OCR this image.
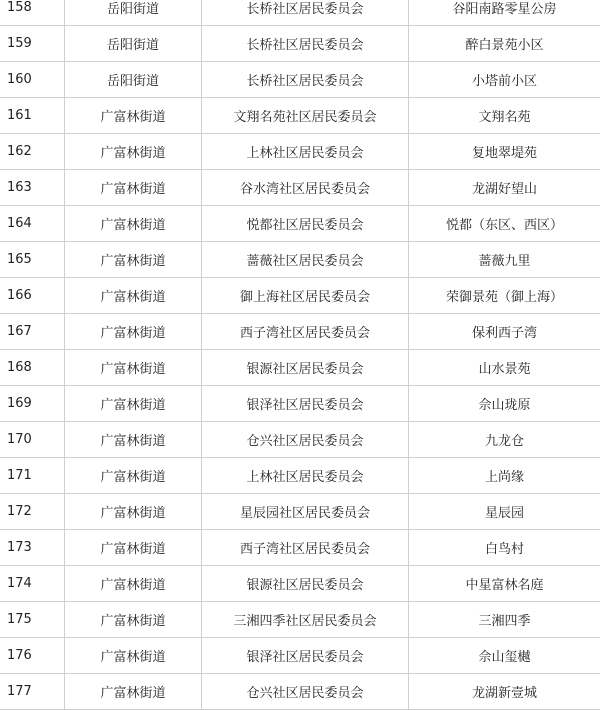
158	岳阳街道	长桥社区居民委员会	谷阳南路零星公房
159	岳阳街道	长桥社区居民委员会	醉白景苑小区
160	岳阳街道	长桥社区居民委员会	小塔前小区
161	广富林街道	文翔名苑社区居民委员会	文翔名苑
162	广富林街道	上林社区居民委员会	复地翠堤苑
163	广富林街道	谷水湾社区居民委员会	龙湖好望山
164	广富林街道	悦都社区居民委员会	悦都（东区、西区）
165	广富林街道	蔷薇社区居民委员会	蔷薇九里
166	广富林街道	御上海社区居民委员会	荣御景苑（御上海）
167	广富林街道	西子湾社区居民委员会	保利西子湾
168	广富林街道	银源社区居民委员会	山水景苑
169	广富林街道	银泽社区居民委员会	佘山珑原
170	广富林街道	仓兴社区居民委员会	九龙仓
171	广富林街道	上林社区居民委员会	上尚缘
172	广富林街道	星辰园社区居民委员会	星辰园
173	广富林街道	西子湾社区居民委员会	白鸟村
174	广富林街道	银源社区居民委员会	中星富林名庭
175	广富林街道	三湘四季社区居民委员会	三湘四季
176	广富林街道	银泽社区居民委员会	佘山玺樾
177	广富林街道	仓兴社区居民委员会	龙湖新壹城
